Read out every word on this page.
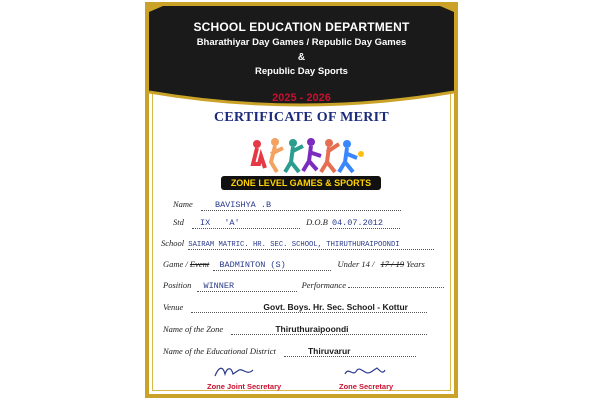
SCHOOL EDUCATION DEPARTMENT
Bharathiyar Day Games / Republic Day Games
&
Republic Day Sports
2025 - 2026
CERTIFICATE OF MERIT
ZONE LEVEL GAMES & SPORTS
Name	BAVISHYA .B
Std IX 'A'	D.O.B 04.07.2012
School SAIRAM MATRIC. HR. SEC. SCHOOL, THIRUTHURAIPOONDI
Game / Event BADMINTON (S)	Under 14 / 17 / 19 Years
Position WINNER	Performance
Venue	Govt. Boys. Hr. Sec. School - Kottur
Name of the Zone	Thiruthuraipoondi
Name of the Educational District	Thiruvarur
Zone Joint Secretary	Zone Secretary
